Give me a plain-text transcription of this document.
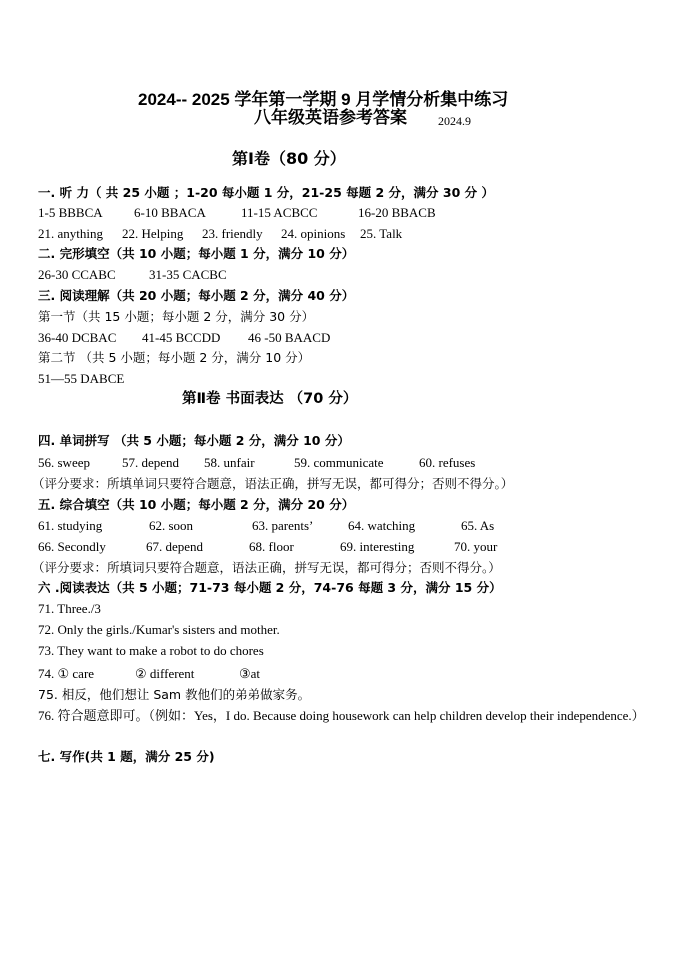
2024-- 2025 学年第一学期 9 月学情分析集中练习
八年级英语参考答案	2024.9
第Ⅰ卷（80 分）
一. 听 力（ 共 25 小题 ；1-20 每小题 1 分，21-25 每题 2 分，满分 30 分 ）
1-5 BBBCA 6-10 BBACA	11-15 ACBCC	16-20 BBACB
21. anything 22. Helping 23. friendly 24. opinions 25. Talk
二. 完形填空（共 10 小题；每小题 1 分，满分 10 分）
26-30 CCABC	31-35 CACBC
三. 阅读理解（共 20 小题；每小题 2 分，满分 40 分）
第一节（共 15 小题；每小题 2 分，满分 30 分）
36-40 DCBAC 41-45 BCCDD 46 -50 BAACD
第二节 （共 5 小题；每小题 2 分，满分 10 分）
51—55 DABCE
第Ⅱ卷 书面表达 （70 分）
四. 单词拼写 （共 5 小题；每小题 2 分，满分 10 分）
56. sweep 57. depend 58. unfair	59. communicate	60. refuses
（评分要求：所填单词只要符合题意，语法正确，拼写无误，都可得分；否则不得分。）
五. 综合填空（共 10 小题；每小题 2 分，满分 20 分）
61. studying	62. soon	63. parents’	64. watching	65. As
66. Secondly	67. depend	68. floor	69. interesting	70. your
（评分要求：所填词只要符合题意，语法正确，拼写无误，都可得分；否则不得分。）
六 .阅读表达（共 5 小题；71-73 每小题 2 分，74-76 每题 3 分，满分 15 分）
71. Three./3
72. Only the girls./Kumar's sisters and mother.
73. They want to make a robot to do chores
74. ① care	② different	③at
75. 相反，他们想让 Sam 教他们的弟弟做家务。
76. 符合题意即可。（例如：Yes，I do. Because doing housework can help children develop their independence.）
七. 写作(共 1 题，满分 25 分)
